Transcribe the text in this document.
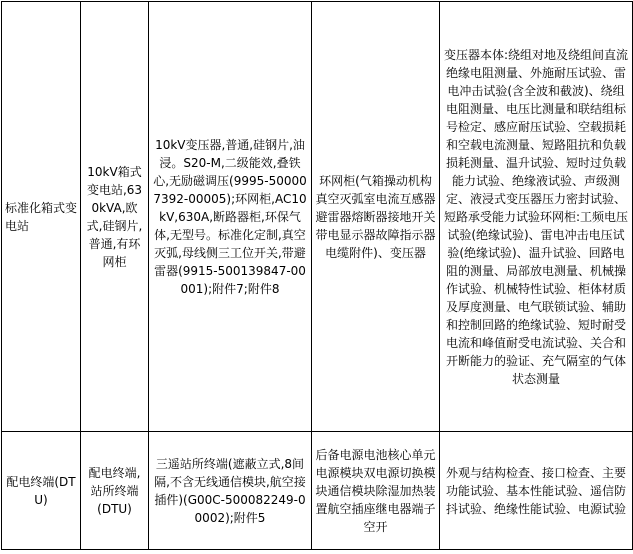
标准化箱式变电站	10kV箱式变电站,630kVA,欧式,硅钢片,普通,有环网柜	10kV变压器,普通,硅钢片,油浸。S20-M,二级能效,叠铁心,无励磁调压(9995-500007392-00005);环网柜,AC10kV,630A,断路器柜,环保气体,无型号。标准化定制,真空灭弧,母线侧三工位开关,带避雷器(9915-500139847-00001);附件7;附件8	环网柜(气箱操动机构真空灭弧室电流互感器避雷器熔断器接地开关带电显示器故障指示器电缆附件)、变压器	变压器本体:绕组对地及绕组间直流绝缘电阻测量、外施耐压试验、雷电冲击试验(含全波和截波)、绕组电阻测量、电压比测量和联结组标号检定、感应耐压试验、空载损耗和空载电流测量、短路阻抗和负载损耗测量、温升试验、短时过负载能力试验、绝缘液试验、声级测定、液浸式变压器压力密封试验、短路承受能力试验环网柜:工频电压试验(绝缘试验)、雷电冲击电压试验(绝缘试验)、温升试验、回路电阻的测量、局部放电测量、机械操作试验、机械特性试验、柜体材质及厚度测量、电气联锁试验、辅助和控制回路的绝缘试验、短时耐受电流和峰值耐受电流试验、关合和开断能力的验证、充气隔室的气体状态测量
配电终端(DTU)	配电终端,站所终端(DTU)	三遥站所终端(遮蔽立式,8间隔,不含无线通信模块,航空接插件)(G00C-500082249-00002);附件5	后备电源电池核心单元电源模块双电源切换模块通信模块除湿加热装置航空插座继电器端子空开	外观与结构检查、接口检查、主要功能试验、基本性能试验、遥信防抖试验、绝缘性能试验、电源试验
